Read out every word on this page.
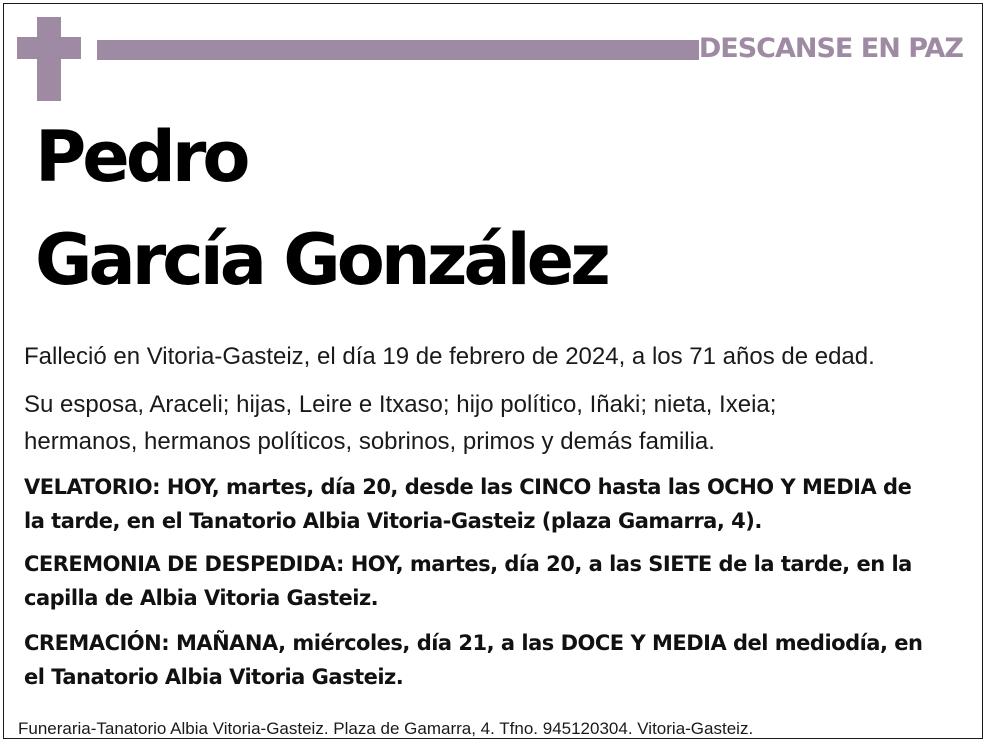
DESCANSE EN PAZ
Pedro
García González

Falleció en Vitoria-Gasteiz, el día 19 de febrero de 2024, a los 71 años de edad.

Su esposa, Araceli; hijas, Leire e Itxaso; hijo político, Iñaki; nieta, Ixeia;
hermanos, hermanos políticos, sobrinos, primos y demás familia.

VELATORIO: HOY, martes, día 20, desde las CINCO hasta las OCHO Y MEDIA de
la tarde, en el Tanatorio Albia Vitoria-Gasteiz (plaza Gamarra, 4).

CEREMONIA DE DESPEDIDA: HOY, martes, día 20, a las SIETE de la tarde, en la
capilla de Albia Vitoria Gasteiz.

CREMACIÓN: MAÑANA, miércoles, día 21, a las DOCE Y MEDIA del mediodía, en
el Tanatorio Albia Vitoria Gasteiz.

Funeraria-Tanatorio Albia Vitoria-Gasteiz. Plaza de Gamarra, 4. Tfno. 945120304. Vitoria-Gasteiz.
